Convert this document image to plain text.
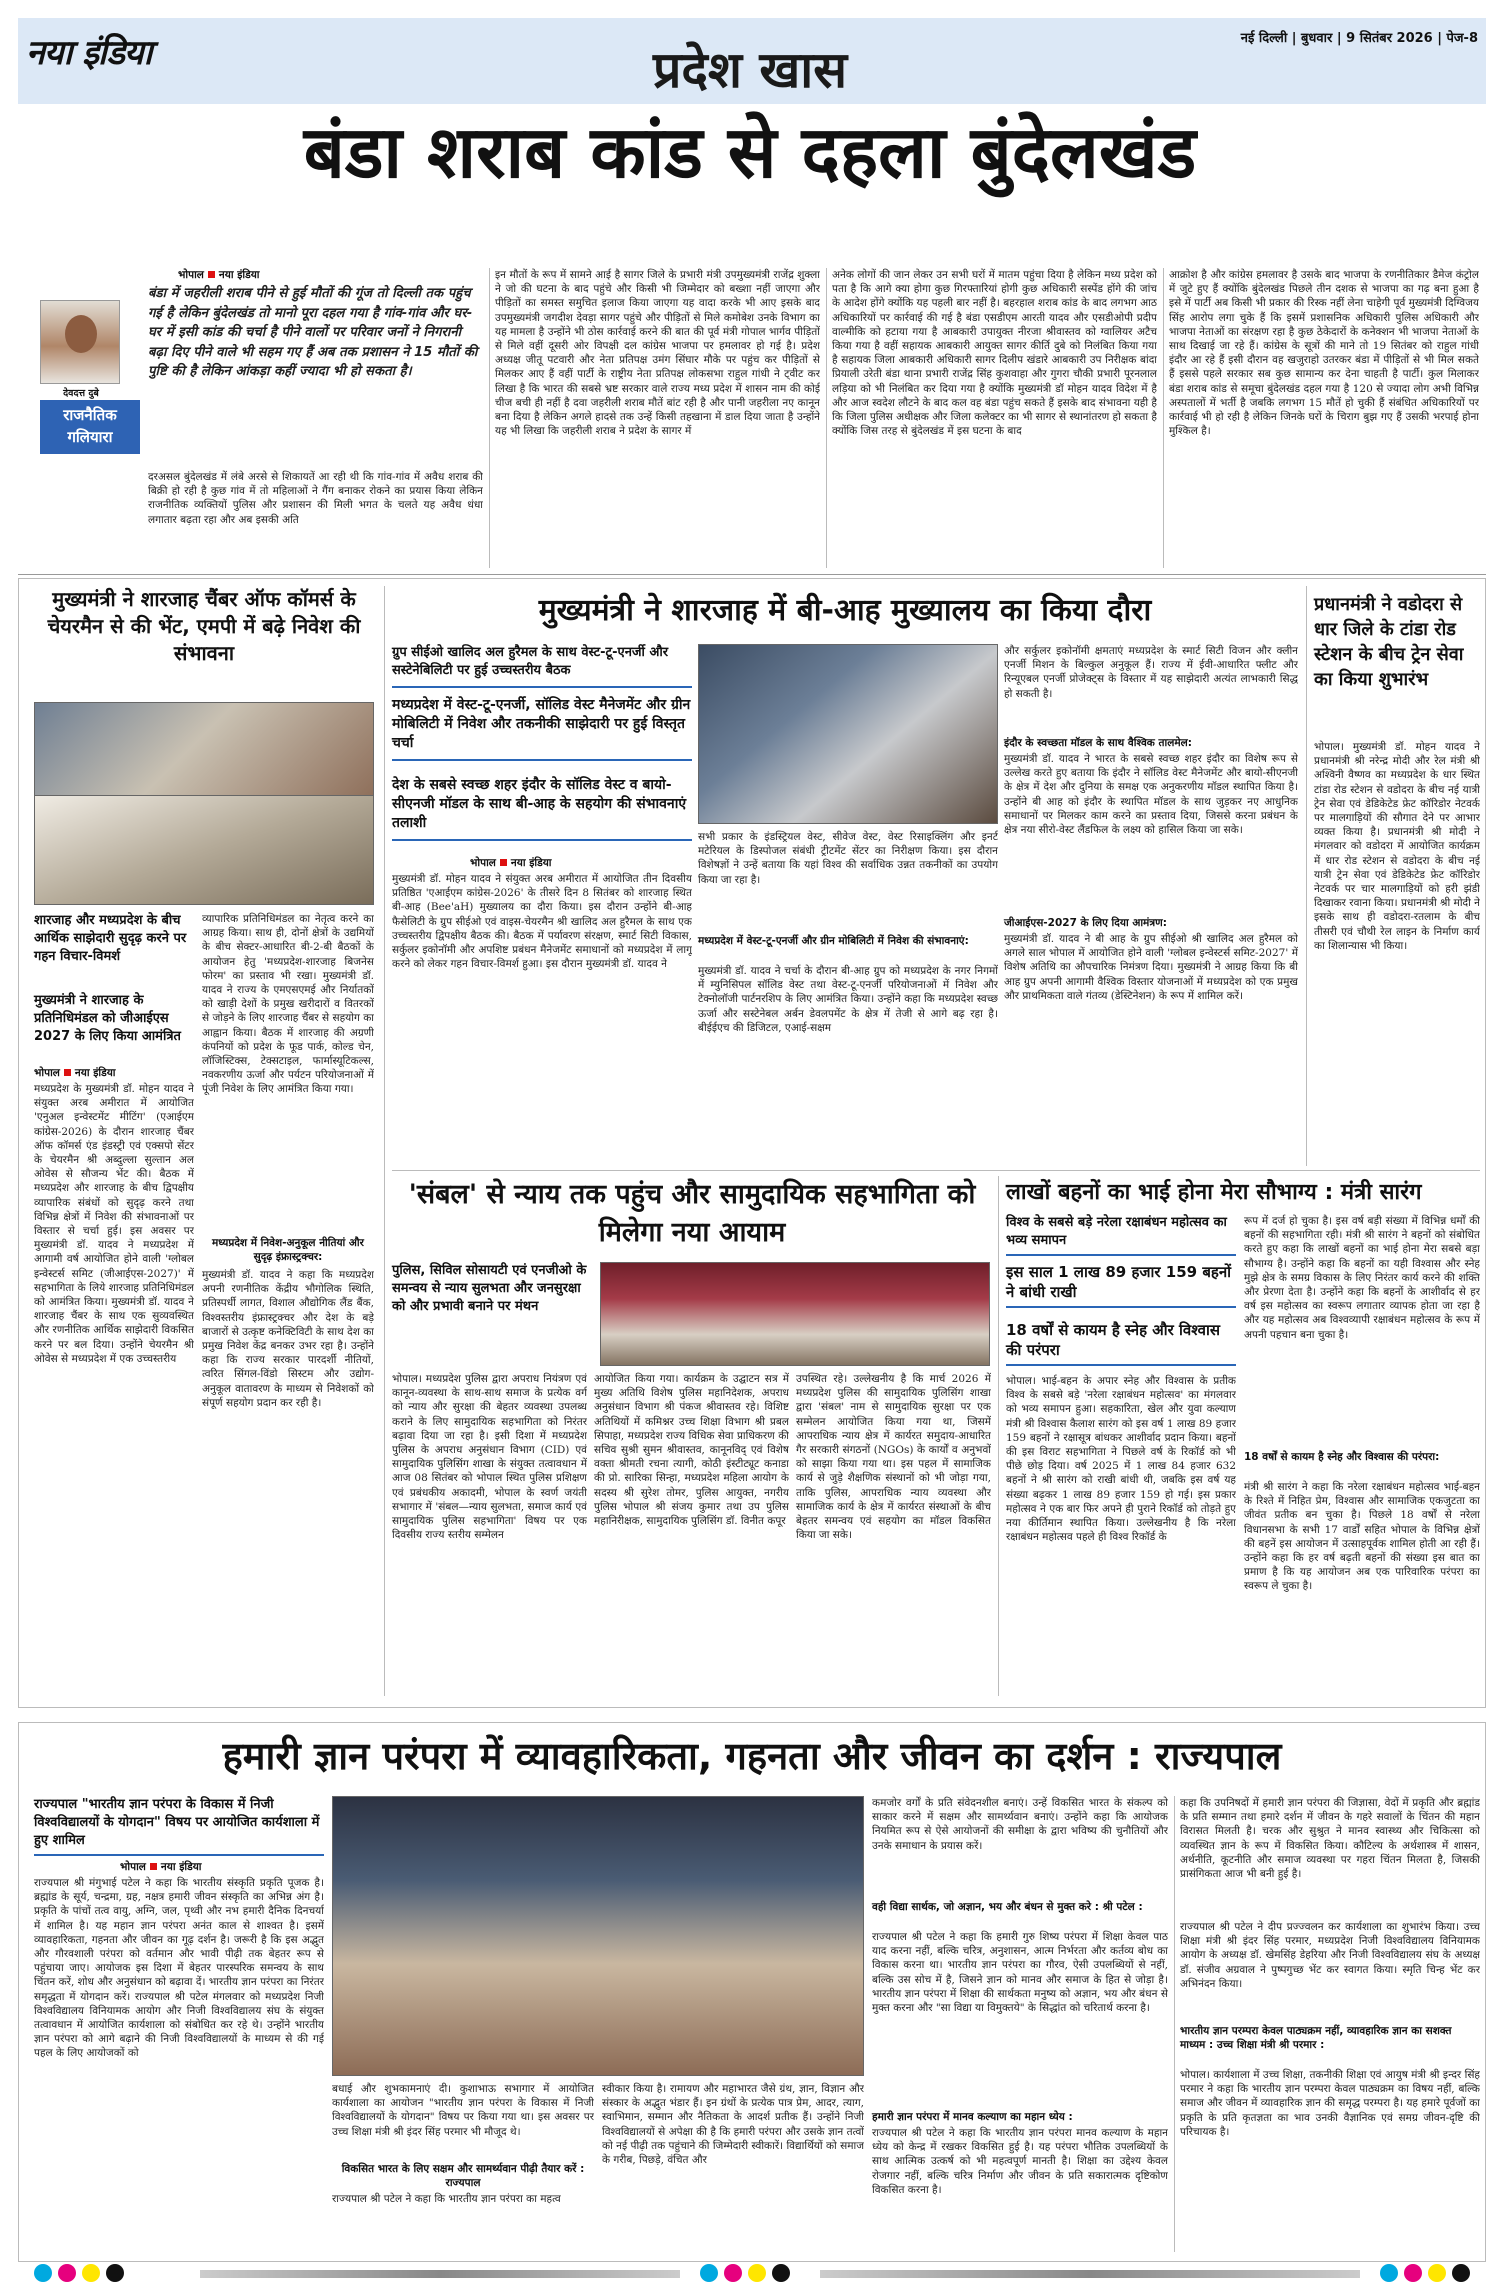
नया इंडिया	प्रदेश खास
नई दिल्ली | बुधवार | 9 सितंबर 2026 | पेज-8
बंडा शराब कांड से दहला बुंदेलखंड
देवदत्त दुबे
राजनैतिक गलियारा
भोपाल नया इंडिया
बंडा में जहरीली शराब पीने से हुई मौतों की गूंज तो दिल्ली तक पहुंच गई है लेकिन बुंदेलखंड तो मानो पूरा दहल गया है गांव-गांव और घर-घर में इसी कांड की चर्चा है पीने वालों पर परिवार जनों ने निगरानी बढ़ा दिए पीने वाले भी सहम गए हैं अब तक प्रशासन ने 15 मौतों की पुष्टि की है लेकिन आंकड़ा कहीं ज्यादा भी हो सकता है।
दरअसल बुंदेलखंड में लंबे अरसे से शिकायतें आ रही थी कि गांव-गांव में अवैध शराब की बिक्री हो रही है कुछ गांव में तो महिलाओं ने गैंग बनाकर रोकने का प्रयास किया लेकिन राजनीतिक व्यक्तियों पुलिस और प्रशासन की मिली भगत के चलते यह अवैध धंधा लगातार बढ़ता रहा और अब इसकी अति
इन मौतों के रूप में सामने आई है सागर जिले के प्रभारी मंत्री उपमुख्यमंत्री राजेंद्र शुक्ला ने जो की घटना के बाद पहुंचे और किसी भी जिम्मेदार को बख्शा नहीं जाएगा और पीड़ितों का समस्त समुचित इलाज किया जाएगा यह वादा करके भी आए इसके बाद उपमुख्यमंत्री जगदीश देवड़ा सागर पहुंचे और पीड़ितों से मिले कमोबेश उनके विभाग का यह मामला है उन्होंने भी ठोस कार्रवाई करने की बात की पूर्व मंत्री गोपाल भार्गव पीड़ितों से मिले वहीं दूसरी ओर विपक्षी दल कांग्रेस भाजपा पर हमलावर हो गई है। प्रदेश अध्यक्ष जीतू पटवारी और नेता प्रतिपक्ष उमंग सिंघार मौके पर पहुंच कर पीड़ितों से मिलकर आए हैं वहीं पार्टी के राष्ट्रीय नेता प्रतिपक्ष लोकसभा राहुल गांधी ने ट्वीट कर लिखा है कि भारत की सबसे भ्रष्ट सरकार वाले राज्य मध्य प्रदेश में शासन नाम की कोई चीज बची ही नहीं है दवा जहरीली शराब मौतें बांट रही है और पानी जहरीला नए कानून बना दिया है लेकिन अगले हादसे तक उन्हें किसी तहखाना में डाल दिया जाता है उन्होंने यह भी लिखा कि जहरीली शराब ने प्रदेश के सागर में
अनेक लोगों की जान लेकर उन सभी घरों में मातम पहुंचा दिया है लेकिन मध्य प्रदेश को पता है कि आगे क्या होगा कुछ गिरफ्तारियां होगी कुछ अधिकारी सस्पेंड होंगे की जांच के आदेश होंगे क्योंकि यह पहली बार नहीं है। बहरहाल शराब कांड के बाद लगभग आठ अधिकारियों पर कार्रवाई की गई है बंडा एसडीएम आरती यादव और एसडीओपी प्रदीप वाल्मीकि को हटाया गया है आबकारी उपायुक्त नीरजा श्रीवास्तव को ग्वालियर अटैच किया गया है वहीं सहायक आबकारी आयुक्त सागर कीर्ति दुबे को निलंबित किया गया है सहायक जिला आबकारी अधिकारी सागर दिलीप खंडारे आबकारी उप निरीक्षक बांदा प्रियाली उरेती बंडा थाना प्रभारी राजेंद्र सिंह कुशवाहा और गुगरा चौकी प्रभारी पूरनलाल लड़िया को भी निलंबित कर दिया गया है क्योंकि मुख्यमंत्री डॉ मोहन यादव विदेश में है और आज स्वदेश लौटने के बाद कल वह बंडा पहुंच सकते हैं इसके बाद संभावना यही है कि जिला पुलिस अधीक्षक और जिला कलेक्टर का भी सागर से स्थानांतरण हो सकता है क्योंकि जिस तरह से बुंदेलखंड में इस घटना के बाद
आक्रोश है और कांग्रेस हमलावर है उसके बाद भाजपा के रणनीतिकार डैमेज कंट्रोल में जुटे हुए हैं क्योंकि बुंदेलखंड पिछले तीन दशक से भाजपा का गढ़ बना हुआ है इसे में पार्टी अब किसी भी प्रकार की रिस्क नहीं लेना चाहेगी पूर्व मुख्यमंत्री दिग्विजय सिंह आरोप लगा चुके हैं कि इसमें प्रशासनिक अधिकारी पुलिस अधिकारी और भाजपा नेताओं का संरक्षण रहा है कुछ ठेकेदारों के कनेक्शन भी भाजपा नेताओं के साथ दिखाई जा रहे हैं। कांग्रेस के सूत्रों की माने तो 19 सितंबर को राहुल गांधी इंदौर आ रहे हैं इसी दौरान वह खजुराहो उतरकर बंडा में पीड़ितों से भी मिल सकते हैं इससे पहले सरकार सब कुछ सामान्य कर देना चाहती है पार्टी। कुल मिलाकर बंडा शराब कांड से समूचा बुंदेलखंड दहल गया है 120 से ज्यादा लोग अभी विभिन्न अस्पतालों में भर्ती है जबकि लगभग 15 मौतें हो चुकी हैं संबंधित अधिकारियों पर कार्रवाई भी हो रही है लेकिन जिनके घरों के चिराग बुझ गए हैं उसकी भरपाई होना मुश्किल है।
मुख्यमंत्री ने शारजाह चैंबर ऑफ कॉमर्स के चेयरमैन से की भेंट, एमपी में बढ़े निवेश की संभावना
शारजाह और मध्यप्रदेश के बीच आर्थिक साझेदारी सुदृढ़ करने पर गहन विचार-विमर्श
मुख्यमंत्री ने शारजाह के प्रतिनिधिमंडल को जीआईएस 2027 के लिए किया आमंत्रित
भोपाल नया इंडिया
मध्यप्रदेश के मुख्यमंत्री डॉ. मोहन यादव ने संयुक्त अरब अमीरात में आयोजित 'एनुअल इन्वेस्टमेंट मीटिंग' (एआईएम कांग्रेस-2026) के दौरान शारजाह चैंबर ऑफ कॉमर्स एंड इंडस्ट्री एवं एक्सपो सेंटर के चेयरमैन श्री अब्दुल्ला सुल्तान अल ओवेस से सौजन्य भेंट की। बैठक में मध्यप्रदेश और शारजाह के बीच द्विपक्षीय व्यापारिक संबंधों को सुदृढ़ करने तथा विभिन्न क्षेत्रों में निवेश की संभावनाओं पर विस्तार से चर्चा हुई। इस अवसर पर मुख्यमंत्री डॉ. यादव ने मध्यप्रदेश में आगामी वर्ष आयोजित होने वाली 'ग्लोबल इन्वेस्टर्स समिट (जीआईएस-2027)' में सहभागिता के लिये शारजाह प्रतिनिधिमंडल को आमंत्रित किया। मुख्यमंत्री डॉ. यादव ने शारजाह चैंबर के साथ एक सुव्यवस्थित और रणनीतिक आर्थिक साझेदारी विकसित करने पर बल दिया। उन्होंने चेयरमैन श्री ओवेस से मध्यप्रदेश में एक उच्चस्तरीय
व्यापारिक प्रतिनिधिमंडल का नेतृत्व करने का आग्रह किया। साथ ही, दोनों क्षेत्रों के उद्यमियों के बीच सेक्टर-आधारित बी-2-बी बैठकों के आयोजन हेतु 'मध्यप्रदेश-शारजाह बिजनेस फोरम' का प्रस्ताव भी रखा। मुख्यमंत्री डॉ. यादव ने राज्य के एमएसएमई और निर्यातकों को खाड़ी देशों के प्रमुख खरीदारों व वितरकों से जोड़ने के लिए शारजाह चैंबर से सहयोग का आह्वान किया। बैठक में शारजाह की अग्रणी कंपनियों को प्रदेश के फूड पार्क, कोल्ड चेन, लॉजिस्टिक्स, टेक्सटाइल, फार्मास्यूटिकल्स, नवकरणीय ऊर्जा और पर्यटन परियोजनाओं में पूंजी निवेश के लिए आमंत्रित किया गया।
मध्यप्रदेश में निवेश-अनुकूल नीतियां और सुदृढ़ इंफ्रास्ट्रक्चर:
मुख्यमंत्री डॉ. यादव ने कहा कि मध्यप्रदेश अपनी रणनीतिक केंद्रीय भौगोलिक स्थिति, प्रतिस्पर्धी लागत, विशाल औद्योगिक लैंड बैंक, विश्वस्तरीय इंफ्रास्ट्रक्चर और देश के बड़े बाजारों से उत्कृष्ट कनेक्टिविटी के साथ देश का प्रमुख निवेश केंद्र बनकर उभर रहा है। उन्होंने कहा कि राज्य सरकार पारदर्शी नीतियों, त्वरित सिंगल-विंडो सिस्टम और उद्योग-अनुकूल वातावरण के माध्यम से निवेशकों को संपूर्ण सहयोग प्रदान कर रही है।
मुख्यमंत्री ने शारजाह में बी-आह मुख्यालय का किया दौरा
ग्रुप सीईओ खालिद अल हुरैमल के साथ वेस्ट-टू-एनर्जी और सस्टेनेबिलिटी पर हुई उच्चस्तरीय बैठक
मध्यप्रदेश में वेस्ट-टू-एनर्जी, सॉलिड वेस्ट मैनेजमेंट और ग्रीन मोबिलिटी में निवेश और तकनीकी साझेदारी पर हुई विस्तृत चर्चा
देश के सबसे स्वच्छ शहर इंदौर के सॉलिड वेस्ट व बायो-सीएनजी मॉडल के साथ बी-आह के सहयोग की संभावनाएं तलाशी
भोपाल नया इंडिया
मुख्यमंत्री डॉ. मोहन यादव ने संयुक्त अरब अमीरात में आयोजित तीन दिवसीय प्रतिष्ठित 'एआईएम कांग्रेस-2026' के तीसरे दिन 8 सितंबर को शारजाह स्थित बी-आह (Bee'aH) मुख्यालय का दौरा किया। इस दौरान उन्होंने बी-आह फैसेलिटी के ग्रुप सीईओ एवं वाइस-चेयरमैन श्री खालिद अल हुरैमल के साथ एक उच्चस्तरीय द्विपक्षीय बैठक की। बैठक में पर्यावरण संरक्षण, स्मार्ट सिटी विकास, सर्कुलर इकोनॉमी और अपशिष्ट प्रबंधन मैनेजमेंट समाधानों को मध्यप्रदेश में लागू करने को लेकर गहन विचार-विमर्श हुआ। इस दौरान मुख्यमंत्री डॉ. यादव ने
सभी प्रकार के इंडस्ट्रियल वेस्ट, सीवेज वेस्ट, वेस्ट रिसाइक्लिंग और इनर्ट मटेरियल के डिस्पोजल संबंधी ट्रीटमेंट सेंटर का निरीक्षण किया। इस दौरान विशेषज्ञों ने उन्हें बताया कि यहां विश्व की सर्वाधिक उन्नत तकनीकों का उपयोग किया जा रहा है।
मध्यप्रदेश में वेस्ट-टू-एनर्जी और ग्रीन मोबिलिटी में निवेश की संभावनाएं:
मुख्यमंत्री डॉ. यादव ने चर्चा के दौरान बी-आह ग्रुप को मध्यप्रदेश के नगर निगमों में म्युनिसिपल सॉलिड वेस्ट तथा वेस्ट-टू-एनर्जी परियोजनाओं में निवेश और टेक्नोलॉजी पार्टनरशिप के लिए आमंत्रित किया। उन्होंने कहा कि मध्यप्रदेश स्वच्छ ऊर्जा और सस्टेनेबल अर्बन डेवलपमेंट के क्षेत्र में तेजी से आगे बढ़ रहा है। बीईईएच की डिजिटल, एआई-सक्षम
और सर्कुलर इकोनॉमी क्षमताएं मध्यप्रदेश के स्मार्ट सिटी विजन और क्लीन एनर्जी मिशन के बिल्कुल अनुकूल हैं। राज्य में ईवी-आधारित फ्लीट और रिन्यूएबल एनर्जी प्रोजेक्ट्स के विस्तार में यह साझेदारी अत्यंत लाभकारी सिद्ध हो सकती है।
इंदौर के स्वच्छता मॉडल के साथ वैश्विक तालमेल:
मुख्यमंत्री डॉ. यादव ने भारत के सबसे स्वच्छ शहर इंदौर का विशेष रूप से उल्लेख करते हुए बताया कि इंदौर ने सॉलिड वेस्ट मैनेजमेंट और बायो-सीएनजी के क्षेत्र में देश और दुनिया के समक्ष एक अनुकरणीय मॉडल स्थापित किया है। उन्होंने बी आह को इंदौर के स्थापित मॉडल के साथ जुड़कर नए आधुनिक समाधानों पर मिलकर काम करने का प्रस्ताव दिया, जिससे करना प्रबंधन के क्षेत्र नया सीरो-वेस्ट लैंडफिल के लक्ष्य को हासिल किया जा सके।
जीआईएस-2027 के लिए दिया आमंत्रण:
मुख्यमंत्री डॉ. यादव ने बी आह के ग्रुप सीईओ श्री खालिद अल हुरैमल को अगले साल भोपाल में आयोजित होने वाली 'ग्लोबल इन्वेस्टर्स समिट-2027' में विशेष अतिथि का औपचारिक निमंत्रण दिया। मुख्यमंत्री ने आग्रह किया कि बी आह ग्रुप अपनी आगामी वैश्विक विस्तार योजनाओं में मध्यप्रदेश को एक प्रमुख और प्राथमिकता वाले गंतव्य (डेस्टिनेशन) के रूप में शामिल करें।
प्रधानमंत्री ने वडोदरा से धार जिले के टांडा रोड स्टेशन के बीच ट्रेन सेवा का किया शुभारंभ
भोपाल। मुख्यमंत्री डॉ. मोहन यादव ने प्रधानमंत्री श्री नरेन्द्र मोदी और रेल मंत्री श्री अश्विनी वैष्णव का मध्यप्रदेश के धार स्थित टांडा रोड स्टेशन से वडोदरा के बीच नई यात्री ट्रेन सेवा एवं डेडिकेटेड फ्रेट कॉरिडोर नेटवर्क पर मालगाड़ियों की सौगात देने पर आभार व्यक्त किया है। प्रधानमंत्री श्री मोदी ने मंगलवार को वडोदरा में आयोजित कार्यक्रम में धार रोड स्टेशन से वडोदरा के बीच नई यात्री ट्रेन सेवा एवं डेडिकेटेड फ्रेट कॉरिडोर नेटवर्क पर चार मालगाड़ियों को हरी झंडी दिखाकर रवाना किया। प्रधानमंत्री श्री मोदी ने इसके साथ ही वडोदरा-रतलाम के बीच तीसरी एवं चौथी रेल लाइन के निर्माण कार्य का शिलान्यास भी किया।
'संबल' से न्याय तक पहुंच और सामुदायिक सहभागिता को मिलेगा नया आयाम
पुलिस, सिविल सोसायटी एवं एनजीओ के समन्वय से न्याय सुलभता और जनसुरक्षा को और प्रभावी बनाने पर मंथन
भोपाल। मध्यप्रदेश पुलिस द्वारा अपराध नियंत्रण एवं कानून-व्यवस्था के साथ-साथ समाज के प्रत्येक वर्ग को न्याय और सुरक्षा की बेहतर व्यवस्था उपलब्ध कराने के लिए सामुदायिक सहभागिता को निरंतर बढ़ावा दिया जा रहा है। इसी दिशा में मध्यप्रदेश पुलिस के अपराध अनुसंधान विभाग (CID) एवं सामुदायिक पुलिसिंग शाखा के संयुक्त तत्वावधान में आज 08 सितंबर को भोपाल स्थित पुलिस प्रशिक्षण एवं प्रबंधकीय अकादमी, भोपाल के स्वर्ण जयंती सभागार में 'संबल—न्याय सुलभता, समाज कार्य एवं सामुदायिक पुलिस सहभागिता' विषय पर एक दिवसीय राज्य स्तरीय सम्मेलन
आयोजित किया गया। कार्यक्रम के उद्घाटन सत्र में मुख्य अतिथि विशेष पुलिस महानिदेशक, अपराध अनुसंधान विभाग श्री पंकज श्रीवास्तव रहे। विशिष्ट अतिथियों में कमिश्नर उच्च शिक्षा विभाग श्री प्रबल सिपाहा, मध्यप्रदेश राज्य विधिक सेवा प्राधिकरण की सचिव सुश्री सुमन श्रीवास्तव, कानूनविद् एवं विशेष वक्ता श्रीमती रचना त्यागी, कोठी इंस्टीट्यूट कनाडा की प्रो. सारिका सिन्हा, मध्यप्रदेश महिला आयोग के सदस्य श्री सुरेश तोमर, पुलिस आयुक्त, नगरीय पुलिस भोपाल श्री संजय कुमार तथा उप पुलिस महानिरीक्षक, सामुदायिक पुलिसिंग डॉ. विनीत कपूर
उपस्थित रहे। उल्लेखनीय है कि मार्च 2026 में मध्यप्रदेश पुलिस की सामुदायिक पुलिसिंग शाखा द्वारा 'संबल' नाम से सामुदायिक सुरक्षा पर एक सम्मेलन आयोजित किया गया था, जिसमें आपराधिक न्याय क्षेत्र में कार्यरत समुदाय-आधारित गैर सरकारी संगठनों (NGOs) के कार्यों व अनुभवों को साझा किया गया था। इस पहल में सामाजिक कार्य से जुड़े शैक्षणिक संस्थानों को भी जोड़ा गया, ताकि पुलिस, आपराधिक न्याय व्यवस्था और सामाजिक कार्य के क्षेत्र में कार्यरत संस्थाओं के बीच बेहतर समन्वय एवं सहयोग का मॉडल विकसित किया जा सके।
लाखों बहनों का भाई होना मेरा सौभाग्य : मंत्री सारंग
विश्व के सबसे बड़े नरेला रक्षाबंधन महोत्सव का भव्य समापन
इस साल 1 लाख 89 हजार 159 बहनों ने बांधी राखी
18 वर्षों से कायम है स्नेह और विश्वास की परंपरा
भोपाल। भाई-बहन के अपार स्नेह और विश्वास के प्रतीक विश्व के सबसे बड़े 'नरेला रक्षाबंधन महोत्सव' का मंगलवार को भव्य समापन हुआ। सहकारिता, खेल और युवा कल्याण मंत्री श्री विश्वास कैलाश सारंग को इस वर्ष 1 लाख 89 हजार 159 बहनों ने रक्षासूत्र बांधकर आशीर्वाद प्रदान किया। बहनों की इस विराट सहभागिता ने पिछले वर्ष के रिकॉर्ड को भी पीछे छोड़ दिया। वर्ष 2025 में 1 लाख 84 हजार 632 बहनों ने श्री सारंग को राखी बांधी थी, जबकि इस वर्ष यह संख्या बढ़कर 1 लाख 89 हजार 159 हो गई। इस प्रकार महोत्सव ने एक बार फिर अपने ही पुराने रिकॉर्ड को तोड़ते हुए नया कीर्तिमान स्थापित किया। उल्लेखनीय है कि नरेला रक्षाबंधन महोत्सव पहले ही विश्व रिकॉर्ड के
रूप में दर्ज हो चुका है। इस वर्ष बड़ी संख्या में विभिन्न धर्मों की बहनों की सहभागिता रही। मंत्री श्री सारंग ने बहनों को संबोधित करते हुए कहा कि लाखों बहनों का भाई होना मेरा सबसे बड़ा सौभाग्य है। उन्होंने कहा कि बहनों का यही विश्वास और स्नेह मुझे क्षेत्र के समग्र विकास के लिए निरंतर कार्य करने की शक्ति और प्रेरणा देता है। उन्होंने कहा कि बहनों के आशीर्वाद से हर वर्ष इस महोत्सव का स्वरूप लगातार व्यापक होता जा रहा है और यह महोत्सव अब विश्वव्यापी रक्षाबंधन महोत्सव के रूप में अपनी पहचान बना चुका है।
18 वर्षों से कायम है स्नेह और विश्वास की परंपरा:
मंत्री श्री सारंग ने कहा कि नरेला रक्षाबंधन महोत्सव भाई-बहन के रिश्ते में निहित प्रेम, विश्वास और सामाजिक एकजुटता का जीवंत प्रतीक बन चुका है। पिछले 18 वर्षों से नरेला विधानसभा के सभी 17 वार्डों सहित भोपाल के विभिन्न क्षेत्रों की बहनें इस आयोजन में उत्साहपूर्वक शामिल होती आ रही हैं। उन्होंने कहा कि हर वर्ष बढ़ती बहनों की संख्या इस बात का प्रमाण है कि यह आयोजन अब एक पारिवारिक परंपरा का स्वरूप ले चुका है।
हमारी ज्ञान परंपरा में व्यावहारिकता, गहनता और जीवन का दर्शन : राज्यपाल
राज्यपाल "भारतीय ज्ञान परंपरा के विकास में निजी विश्वविद्यालयों के योगदान" विषय पर आयोजित कार्यशाला में हुए शामिल
भोपाल नया इंडिया
राज्यपाल श्री मंगुभाई पटेल ने कहा कि भारतीय संस्कृति प्रकृति पूजक है। ब्रह्मांड के सूर्य, चन्द्रमा, ग्रह, नक्षत्र हमारी जीवन संस्कृति का अभिन्न अंग है। प्रकृति के पांचों तत्व वायु, अग्नि, जल, पृथ्वी और नभ हमारी दैनिक दिनचर्या में शामिल है। यह महान ज्ञान परंपरा अनंत काल से शाश्वत है। इसमें व्यावहारिकता, गहनता और जीवन का गूढ़ दर्शन है। जरूरी है कि इस अद्भुत और गौरवशाली परंपरा को वर्तमान और भावी पीढ़ी तक बेहतर रूप से पहुंचाया जाए। आयोजक इस दिशा में बेहतर पारस्परिक समन्वय के साथ चिंतन करें, शोध और अनुसंधान को बढ़ावा दें। भारतीय ज्ञान परंपरा का निरंतर समृद्धता में योगदान करें। राज्यपाल श्री पटेल मंगलवार को मध्यप्रदेश निजी विश्वविद्यालय विनियामक आयोग और निजी विश्वविद्यालय संघ के संयुक्त तत्वावधान में आयोजित कार्यशाला को संबोधित कर रहे थे। उन्होंने भारतीय ज्ञान परंपरा को आगे बढ़ाने की निजी विश्वविद्यालयों के माध्यम से की गई पहल के लिए आयोजकों को
बधाई और शुभकामनाएं दी। कुशाभाऊ सभागार में आयोजित कार्यशाला का आयोजन "भारतीय ज्ञान परंपरा के विकास में निजी विश्वविद्यालयों के योगदान" विषय पर किया गया था। इस अवसर पर उच्च शिक्षा मंत्री श्री इंदर सिंह परमार भी मौजूद थे।
विकसित भारत के लिए सक्षम और सामर्थ्यवान पीढ़ी तैयार करें : राज्यपाल
राज्यपाल श्री पटेल ने कहा कि भारतीय ज्ञान परंपरा का महत्व
स्वीकार किया है। रामायण और महाभारत जैसे ग्रंथ, ज्ञान, विज्ञान और संस्कार के अद्भुत भंडार हैं। इन ग्रंथों के प्रत्येक पात्र प्रेम, आदर, त्याग, स्वाभिमान, सम्मान और नैतिकता के आदर्श प्रतीक हैं। उन्होंने निजी विश्वविद्यालयों से अपेक्षा की है कि हमारी परंपरा और उसके ज्ञान तत्वों को नई पीढ़ी तक पहुंचाने की जिम्मेदारी स्वीकारें। विद्यार्थियों को समाज के गरीब, पिछड़े, वंचित और
कमजोर वर्गों के प्रति संवेदनशील बनाएं। उन्हें विकसित भारत के संकल्प को साकार करने में सक्षम और सामर्थ्यवान बनाएं। उन्होंने कहा कि आयोजक नियमित रूप से ऐसे आयोजनों की समीक्षा के द्वारा भविष्य की चुनौतियों और उनके समाधान के प्रयास करें।
वही विद्या सार्थक, जो अज्ञान, भय और बंधन से मुक्त करे : श्री पटेल :
राज्यपाल श्री पटेल ने कहा कि हमारी गुरु शिष्य परंपरा में शिक्षा केवल पाठ याद करना नहीं, बल्कि चरित्र, अनुशासन, आत्म निर्भरता और कर्तव्य बोध का विकास करना था। भारतीय ज्ञान परंपरा का गौरव, ऐसी उपलब्धियों से नहीं, बल्कि उस सोच में है, जिसने ज्ञान को मानव और समाज के हित से जोड़ा है। भारतीय ज्ञान परंपरा में शिक्षा की सार्थकता मनुष्य को अज्ञान, भय और बंधन से मुक्त करना और "सा विद्या या विमुक्तये" के सिद्धांत को चरितार्थ करना है।
हमारी ज्ञान परंपरा में मानव कल्याण का महान ध्येय :
राज्यपाल श्री पटेल ने कहा कि भारतीय ज्ञान परंपरा मानव कल्याण के महान ध्येय को केन्द्र में रखकर विकसित हुई है। यह परंपरा भौतिक उपलब्धियों के साथ आत्मिक उत्कर्ष को भी महत्वपूर्ण मानती है। शिक्षा का उद्देश्य केवल रोजगार नहीं, बल्कि चरित्र निर्माण और जीवन के प्रति सकारात्मक दृष्टिकोण विकसित करना है।
कहा कि उपनिषदों में हमारी ज्ञान परंपरा की जिज्ञासा, वेदों में प्रकृति और ब्रह्मांड के प्रति सम्मान तथा हमारे दर्शन में जीवन के गहरे सवालों के चिंतन की महान विरासत मिलती है। चरक और सुश्रुत ने मानव स्वास्थ्य और चिकित्सा को व्यवस्थित ज्ञान के रूप में विकसित किया। कौटिल्य के अर्थशास्त्र में शासन, अर्थनीति, कूटनीति और समाज व्यवस्था पर गहरा चिंतन मिलता है, जिसकी प्रासंगिकता आज भी बनी हुई है।
राज्यपाल श्री पटेल ने दीप प्रज्ज्वलन कर कार्यशाला का शुभारंभ किया। उच्च शिक्षा मंत्री श्री इंदर सिंह परमार, मध्यप्रदेश निजी विश्वविद्यालय विनियामक आयोग के अध्यक्ष डॉ. खेमसिंह डेहरिया और निजी विश्वविद्यालय संघ के अध्यक्ष डॉ. संजीव अग्रवाल ने पुष्पगुच्छ भेंट कर स्वागत किया। स्मृति चिन्ह भेंट कर अभिनंदन किया।
भारतीय ज्ञान परम्परा केवल पाठ्यक्रम नहीं, व्यावहारिक ज्ञान का सशक्त माध्यम : उच्च शिक्षा मंत्री श्री परमार :
भोपाल। कार्यशाला में उच्च शिक्षा, तकनीकी शिक्षा एवं आयुष मंत्री श्री इन्दर सिंह परमार ने कहा कि भारतीय ज्ञान परम्परा केवल पाठ्यक्रम का विषय नहीं, बल्कि समाज और जीवन में व्यावहारिक ज्ञान की समृद्ध परम्परा है। यह हमारे पूर्वजों का प्रकृति के प्रति कृतज्ञता का भाव उनकी वैज्ञानिक एवं समग्र जीवन-दृष्टि की परिचायक है।
